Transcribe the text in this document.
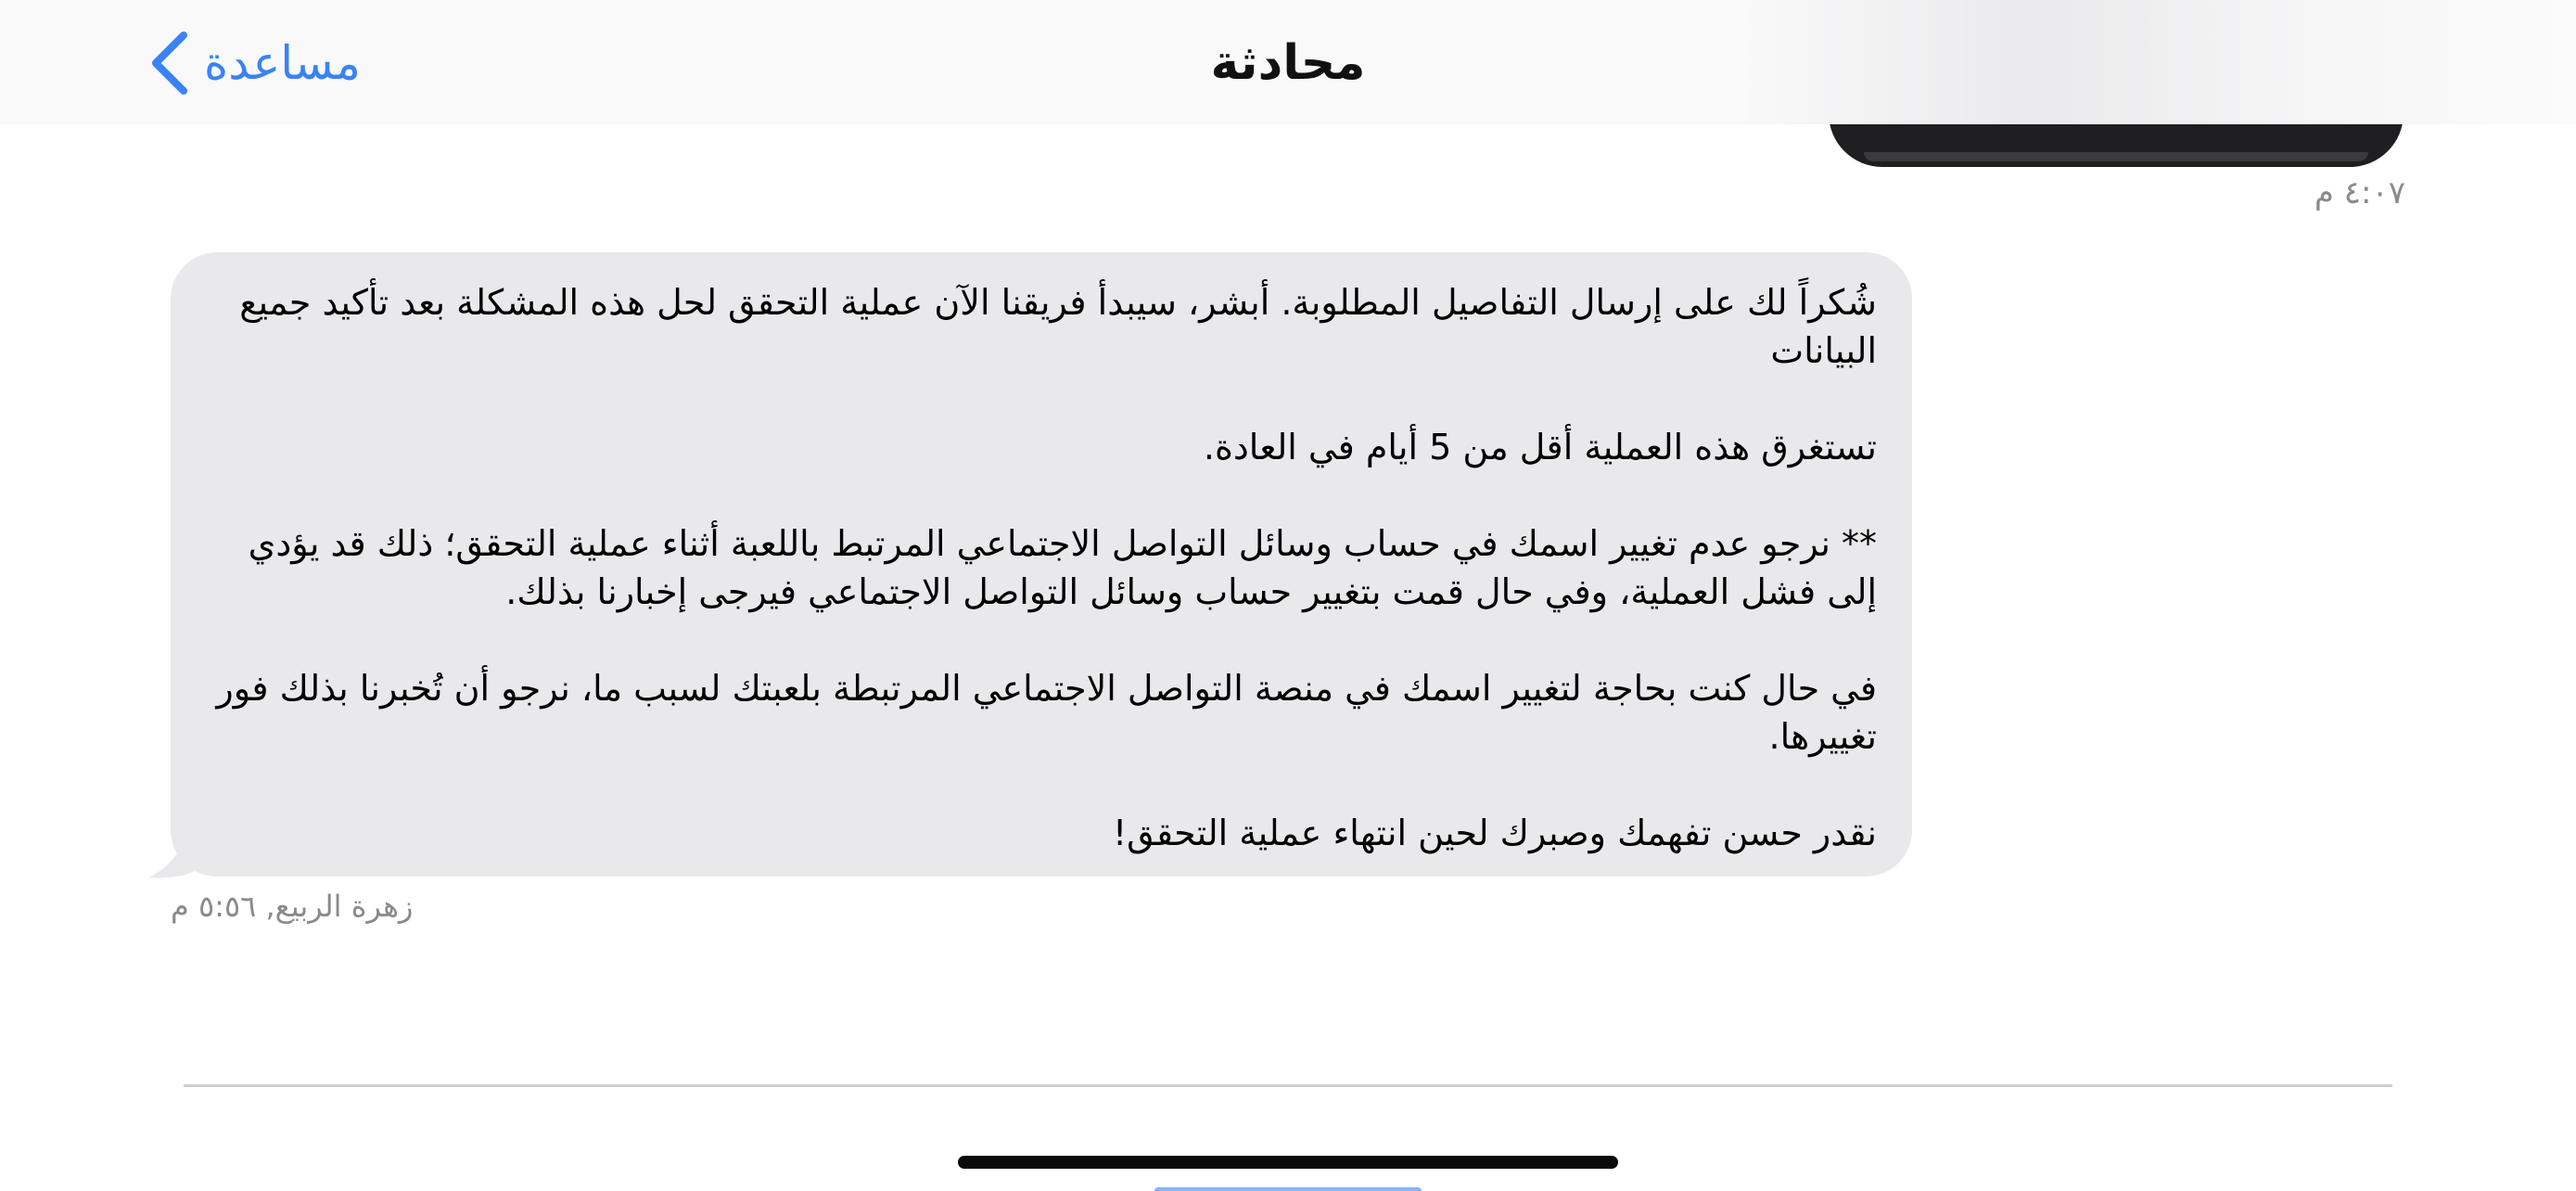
مساعدة	محادثة
٤:٠٧ م

شُكراً لك على إرسال التفاصيل المطلوبة. أبشر، سيبدأ فريقنا الآن عملية التحقق لحل هذه المشكلة بعد تأكيد جميع البيانات

تستغرق هذه العملية أقل من 5 أيام في العادة.

** نرجو عدم تغيير اسمك في حساب وسائل التواصل الاجتماعي المرتبط باللعبة أثناء عملية التحقق؛ ذلك قد يؤدي إلى فشل العملية، وفي حال قمت بتغيير حساب وسائل التواصل الاجتماعي فيرجى إخبارنا بذلك.

في حال كنت بحاجة لتغيير اسمك في منصة التواصل الاجتماعي المرتبطة بلعبتك لسبب ما، نرجو أن تُخبرنا بذلك فور تغييرها.

نقدر حسن تفهمك وصبرك لحين انتهاء عملية التحقق!

زهرة الربيع, ٥:٥٦ م
